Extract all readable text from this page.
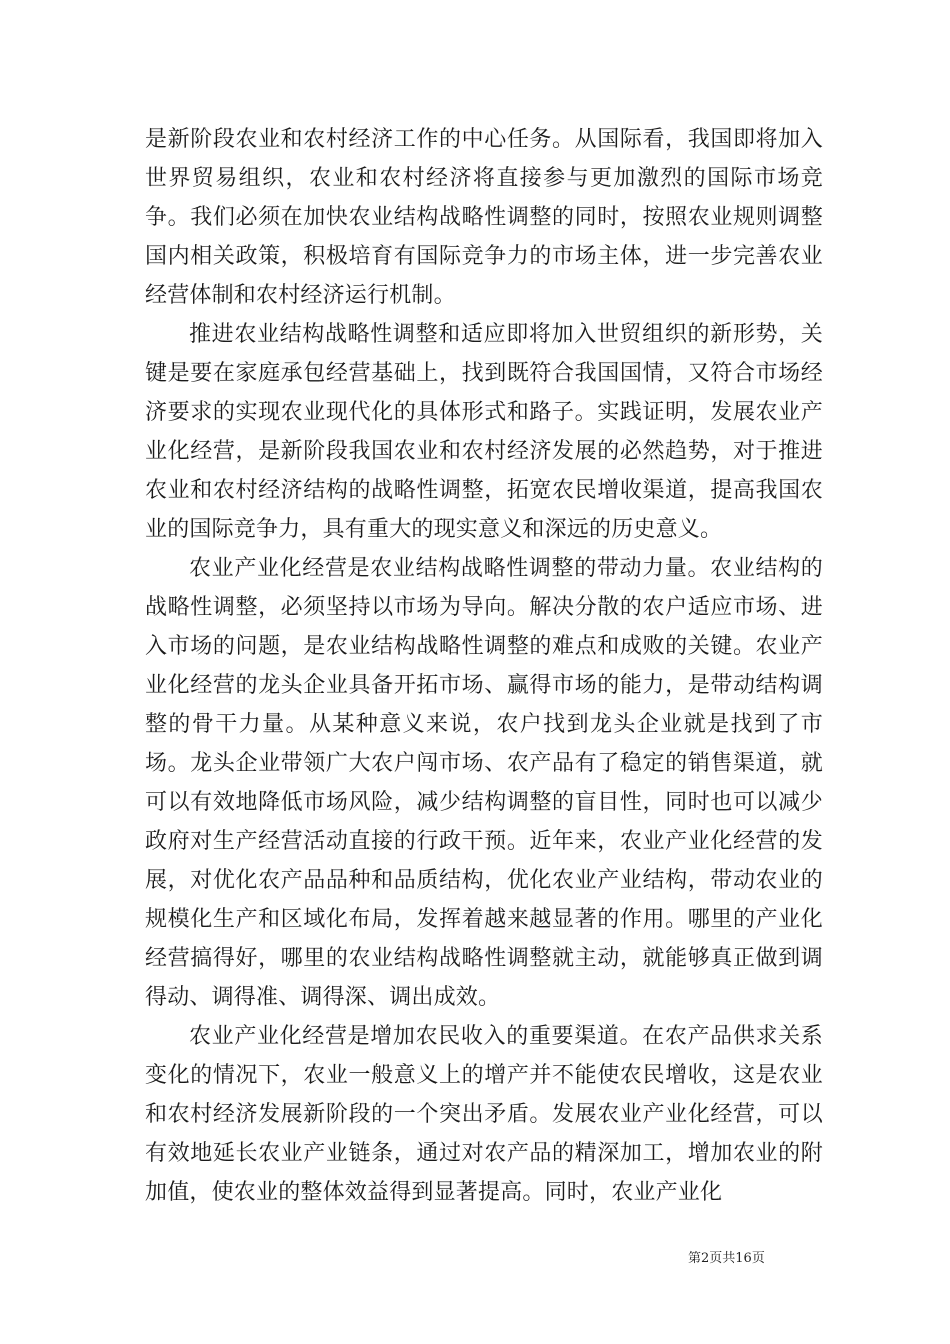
是新阶段农业和农村经济工作的中心任务。从国际看，我国即将加入世界贸易组织，农业和农村经济将直接参与更加激烈的国际市场竞争。我们必须在加快农业结构战略性调整的同时，按照农业规则调整国内相关政策，积极培育有国际竞争力的市场主体，进一步完善农业经营体制和农村经济运行机制。

推进农业结构战略性调整和适应即将加入世贸组织的新形势，关键是要在家庭承包经营基础上，找到既符合我国国情，又符合市场经济要求的实现农业现代化的具体形式和路子。实践证明，发展农业产业化经营，是新阶段我国农业和农村经济发展的必然趋势，对于推进农业和农村经济结构的战略性调整，拓宽农民增收渠道，提高我国农业的国际竞争力，具有重大的现实意义和深远的历史意义。

农业产业化经营是农业结构战略性调整的带动力量。农业结构的战略性调整，必须坚持以市场为导向。解决分散的农户适应市场、进入市场的问题，是农业结构战略性调整的难点和成败的关键。农业产业化经营的龙头企业具备开拓市场、赢得市场的能力，是带动结构调整的骨干力量。从某种意义来说，农户找到龙头企业就是找到了市场。龙头企业带领广大农户闯市场、农产品有了稳定的销售渠道，就可以有效地降低市场风险，减少结构调整的盲目性，同时也可以减少政府对生产经营活动直接的行政干预。近年来，农业产业化经营的发展，对优化农产品品种和品质结构，优化农业产业结构，带动农业的规模化生产和区域化布局，发挥着越来越显著的作用。哪里的产业化经营搞得好，哪里的农业结构战略性调整就主动，就能够真正做到调得动、调得准、调得深、调出成效。

农业产业化经营是增加农民收入的重要渠道。在农产品供求关系变化的情况下，农业一般意义上的增产并不能使农民增收，这是农业和农村经济发展新阶段的一个突出矛盾。发展农业产业化经营，可以有效地延长农业产业链条，通过对农产品的精深加工，增加农业的附加值，使农业的整体效益得到显著提高。同时，农业产业化

第2页共16页
